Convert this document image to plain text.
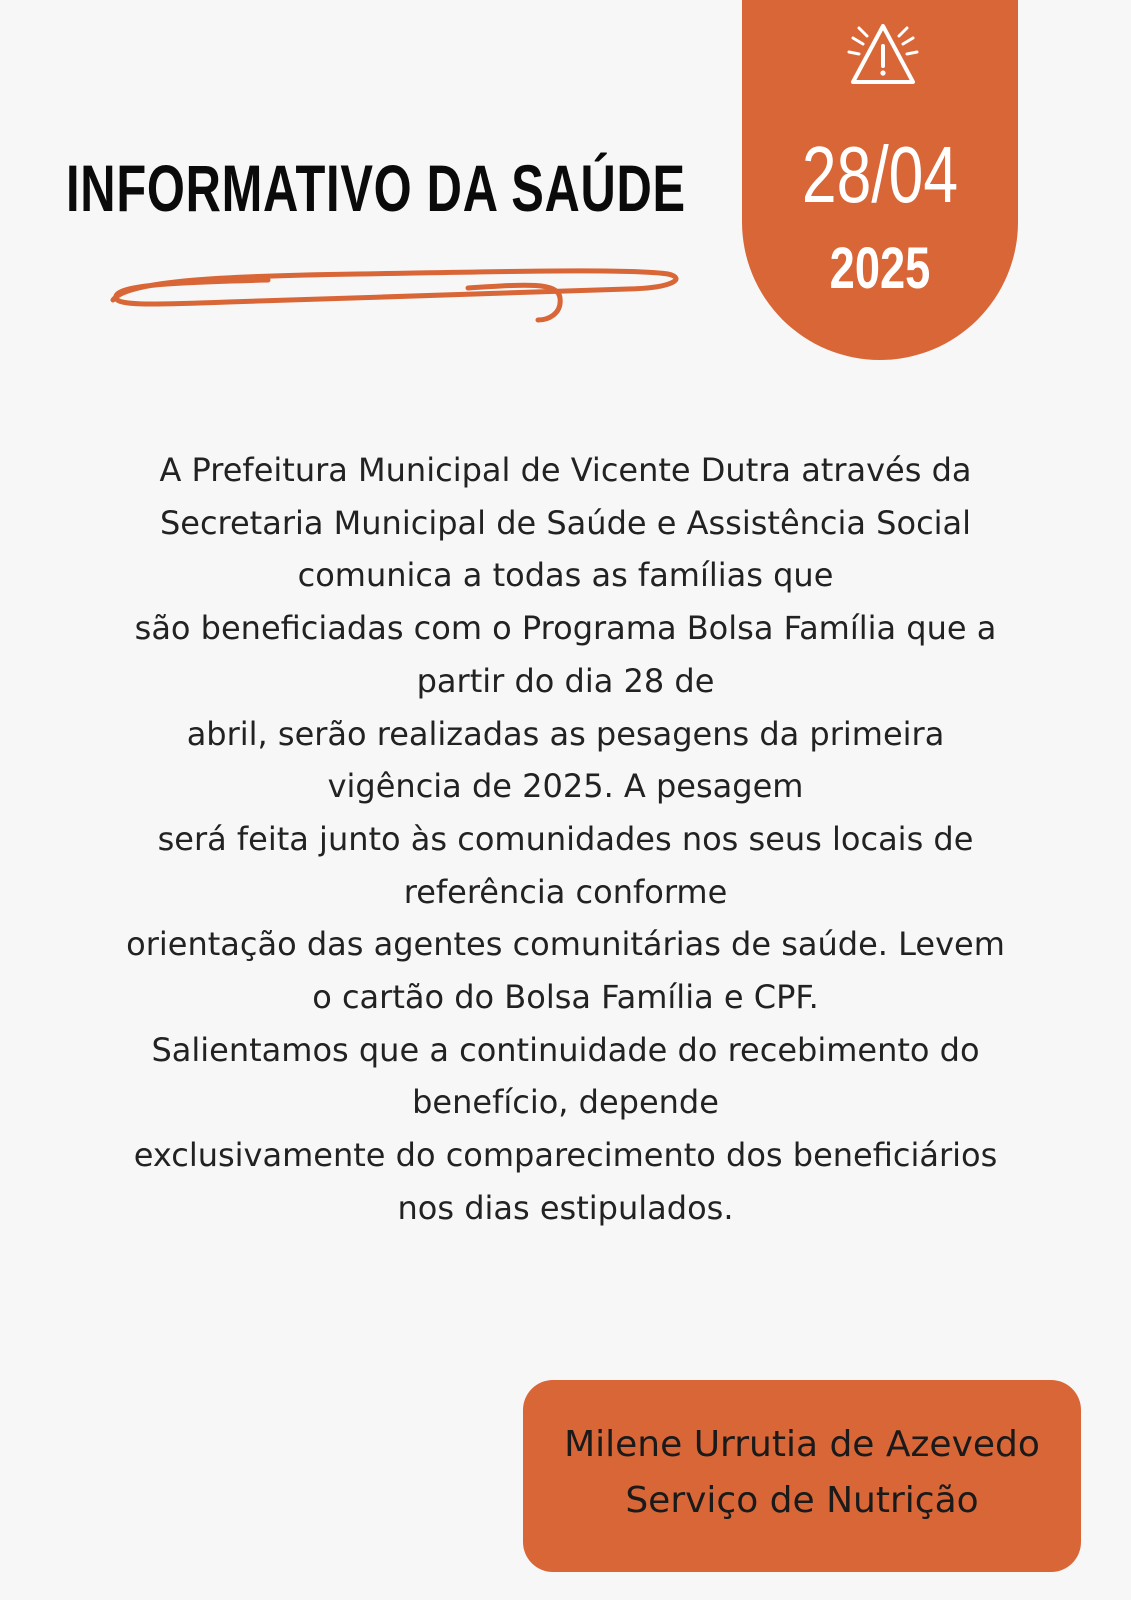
INFORMATIVO DA SAÚDE	28/04
2025
A Prefeitura Municipal de Vicente Dutra através da
Secretaria Municipal de Saúde e Assistência Social
comunica a todas as famílias que
são beneficiadas com o Programa Bolsa Família que a
partir do dia 28 de
abril, serão realizadas as pesagens da primeira
vigência de 2025. A pesagem
será feita junto às comunidades nos seus locais de
referência conforme
orientação das agentes comunitárias de saúde. Levem
o cartão do Bolsa Família e CPF.
Salientamos que a continuidade do recebimento do
benefício, depende
exclusivamente do comparecimento dos beneficiários
nos dias estipulados.
Milene Urrutia de Azevedo
Serviço de Nutrição
